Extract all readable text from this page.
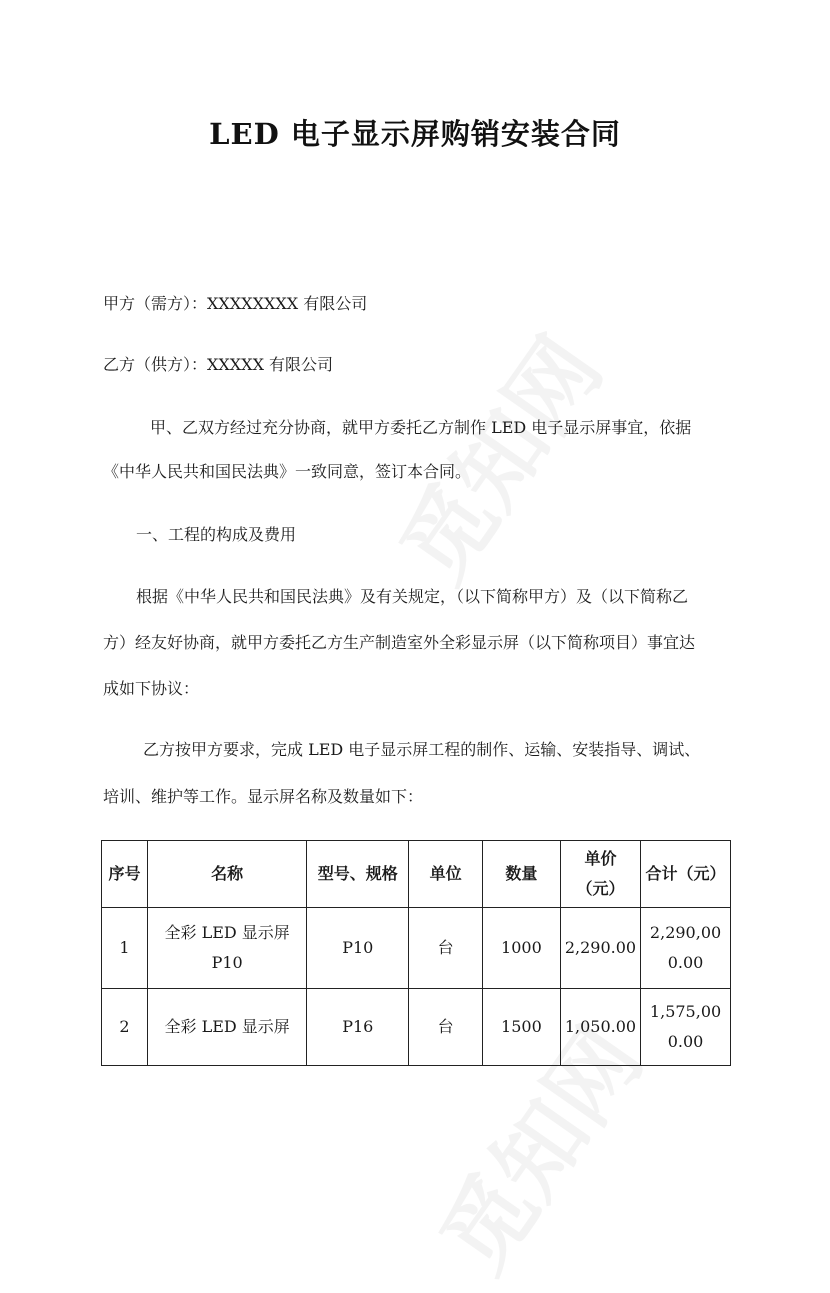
LED 电子显示屏购销安装合同
甲方（需方）：XXXXXXXX 有限公司
乙方（供方）：XXXXX 有限公司
甲、乙双方经过充分协商，就甲方委托乙方制作 LED 电子显示屏事宜，依据
《中华人民共和国民法典》一致同意，签订本合同。
一、工程的构成及费用
根据《中华人民共和国民法典》及有关规定，（以下简称甲方）及（以下简称乙
方）经友好协商，就甲方委托乙方生产制造室外全彩显示屏（以下简称项目）事宜达
成如下协议：
乙方按甲方要求，完成 LED 电子显示屏工程的制作、运输、安装指导、调试、
培训、维护等工作。显示屏名称及数量如下：
序号	名称	型号、规格	单位	数量	单价（元）	合计（元）
1	全彩 LED 显示屏 P10	P10	台	1000	2,290.00	2,290,000.00
2	全彩 LED 显示屏	P16	台	1500	1,050.00	1,575,000.00
